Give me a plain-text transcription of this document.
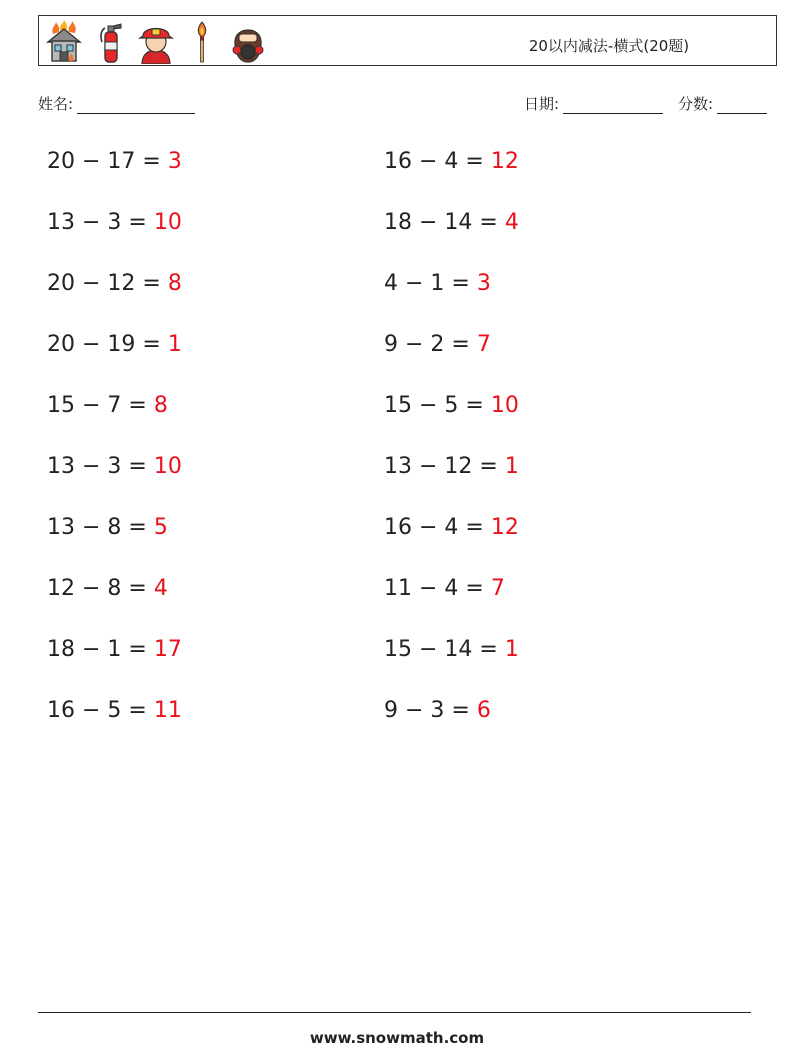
20以内减法-横式(20题)
姓名:	日期:	分数:
20 − 17 = 3
13 − 3 = 10
20 − 12 = 8
20 − 19 = 1
15 − 7 = 8
13 − 3 = 10
13 − 8 = 5
12 − 8 = 4
18 − 1 = 17
16 − 5 = 11
16 − 4 = 12
18 − 14 = 4
4 − 1 = 3
9 − 2 = 7
15 − 5 = 10
13 − 12 = 1
16 − 4 = 12
11 − 4 = 7
15 − 14 = 1
9 − 3 = 6
www.snowmath.com
